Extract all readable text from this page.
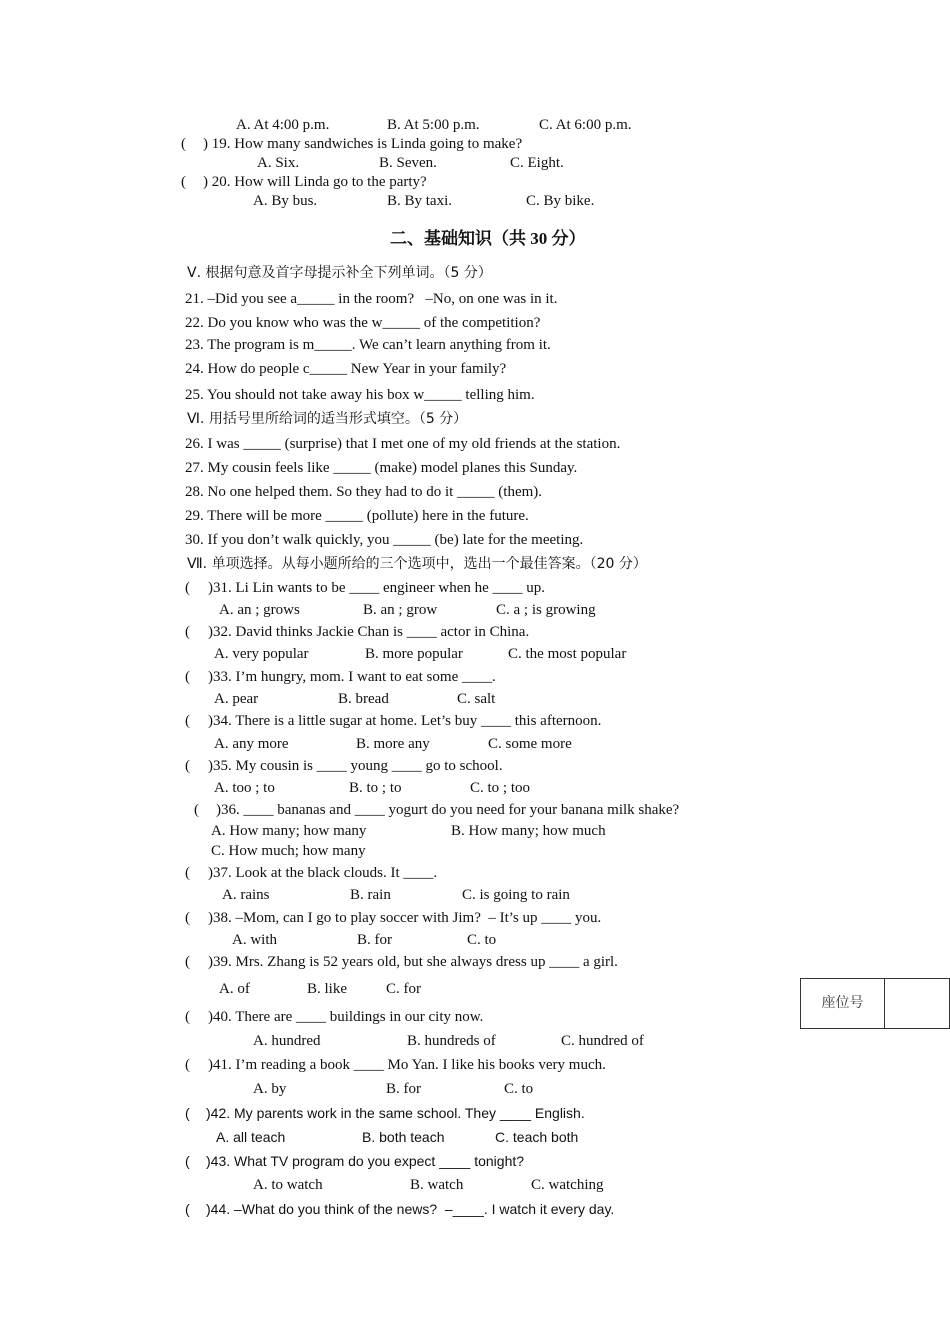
A. At 4:00 p.m.	B. At 5:00 p.m.	C. At 6:00 p.m.
( ) 19. How many sandwiches is Linda going to make?
A. Six.	B. Seven.	C. Eight.
( ) 20. How will Linda go to the party?
A. By bus.	B. By taxi.	C. By bike.
二、基础知识（共 30 分）
Ⅴ. 根据句意及首字母提示补全下列单词。（5 分）
21. –Did you see a_____ in the room?   –No, on one was in it.
22. Do you know who was the w_____ of the competition?
23. The program is m_____. We can’t learn anything from it.
24. How do people c_____ New Year in your family?
25. You should not take away his box w_____ telling him.
Ⅵ. 用括号里所给词的适当形式填空。（5 分）
26. I was _____ (surprise) that I met one of my old friends at the station.
27. My cousin feels like _____ (make) model planes this Sunday.
28. No one helped them. So they had to do it _____ (them).
29. There will be more _____ (pollute) here in the future.
30. If you don’t walk quickly, you _____ (be) late for the meeting.
Ⅶ. 单项选择。从每小题所给的三个选项中，选出一个最佳答案。（20 分）
( )31. Li Lin wants to be ____ engineer when he ____ up.
A. an ; grows	B. an ; grow	C. a ; is growing
( )32. David thinks Jackie Chan is ____ actor in China.
A. very popular	B. more popular	C. the most popular
( )33. I’m hungry, mom. I want to eat some ____.
A. pear	B. bread	C. salt
( )34. There is a little sugar at home. Let’s buy ____ this afternoon.
A. any more	B. more any	C. some more
( )35. My cousin is ____ young ____ go to school.
A. too ; to	B. to ; to	C. to ; too
( )36. ____ bananas and ____ yogurt do you need for your banana milk shake?
A. How many; how many	B. How many; how much
C. How much; how many
( )37. Look at the black clouds. It ____.
A. rains	B. rain	C. is going to rain
( )38. –Mom, can I go to play soccer with Jim?  – It’s up ____ you.
A. with	B. for	C. to
( )39. Mrs. Zhang is 52 years old, but she always dress up ____ a girl.
A. of	B. like	C. for
( )40. There are ____ buildings in our city now.
A. hundred	B. hundreds of	C. hundred of
( )41. I’m reading a book ____ Mo Yan. I like his books very much.
A. by	B. for	C. to
( )42. My parents work in the same school. They ____ English.
A. all teach	B. both teach	C. teach both
( )43. What TV program do you expect ____ tonight?
A. to watch	B. watch	C. watching
( )44. –What do you think of the news?  –____. I watch it every day.
座位号
